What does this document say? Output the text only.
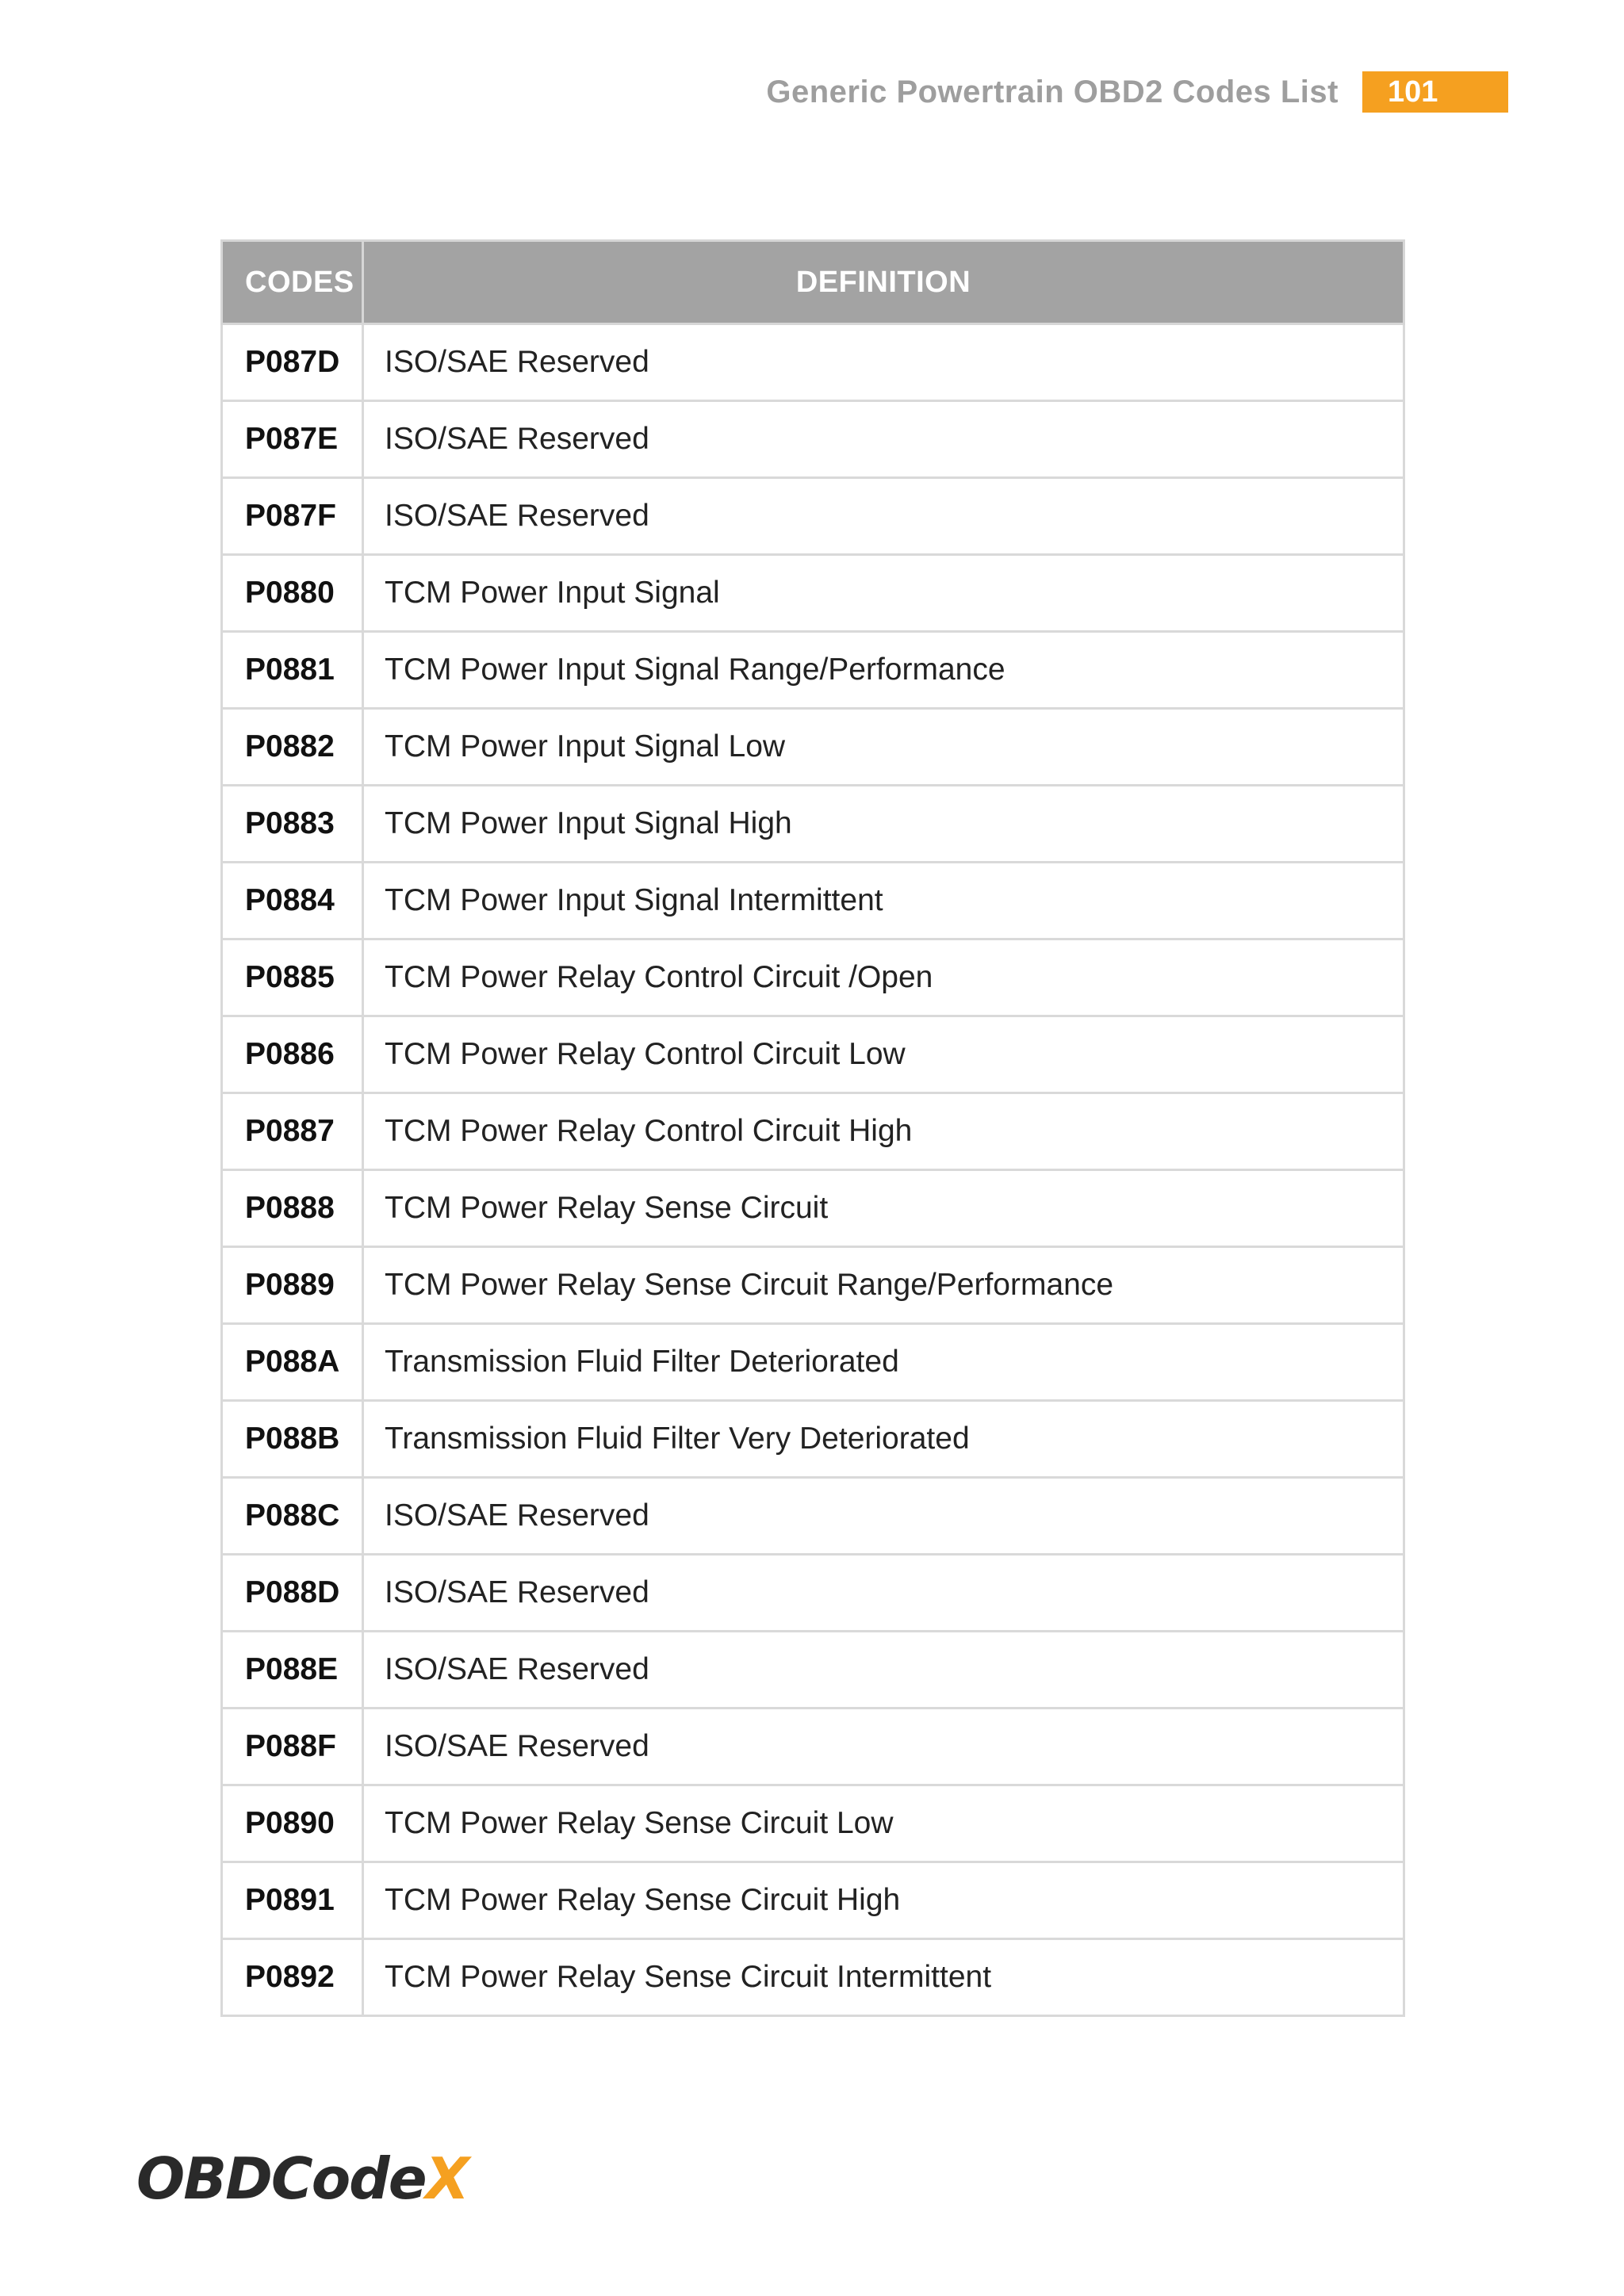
Generic Powertrain OBD2 Codes List	101
CODES	DEFINITION
P087D	ISO/SAE Reserved
P087E	ISO/SAE Reserved
P087F	ISO/SAE Reserved
P0880	TCM Power Input Signal
P0881	TCM Power Input Signal Range/Performance
P0882	TCM Power Input Signal Low
P0883	TCM Power Input Signal High
P0884	TCM Power Input Signal Intermittent
P0885	TCM Power Relay Control Circuit /Open
P0886	TCM Power Relay Control Circuit Low
P0887	TCM Power Relay Control Circuit High
P0888	TCM Power Relay Sense Circuit
P0889	TCM Power Relay Sense Circuit Range/Performance
P088A	Transmission Fluid Filter Deteriorated
P088B	Transmission Fluid Filter Very Deteriorated
P088C	ISO/SAE Reserved
P088D	ISO/SAE Reserved
P088E	ISO/SAE Reserved
P088F	ISO/SAE Reserved
P0890	TCM Power Relay Sense Circuit Low
P0891	TCM Power Relay Sense Circuit High
P0892	TCM Power Relay Sense Circuit Intermittent
OBDCodeX
